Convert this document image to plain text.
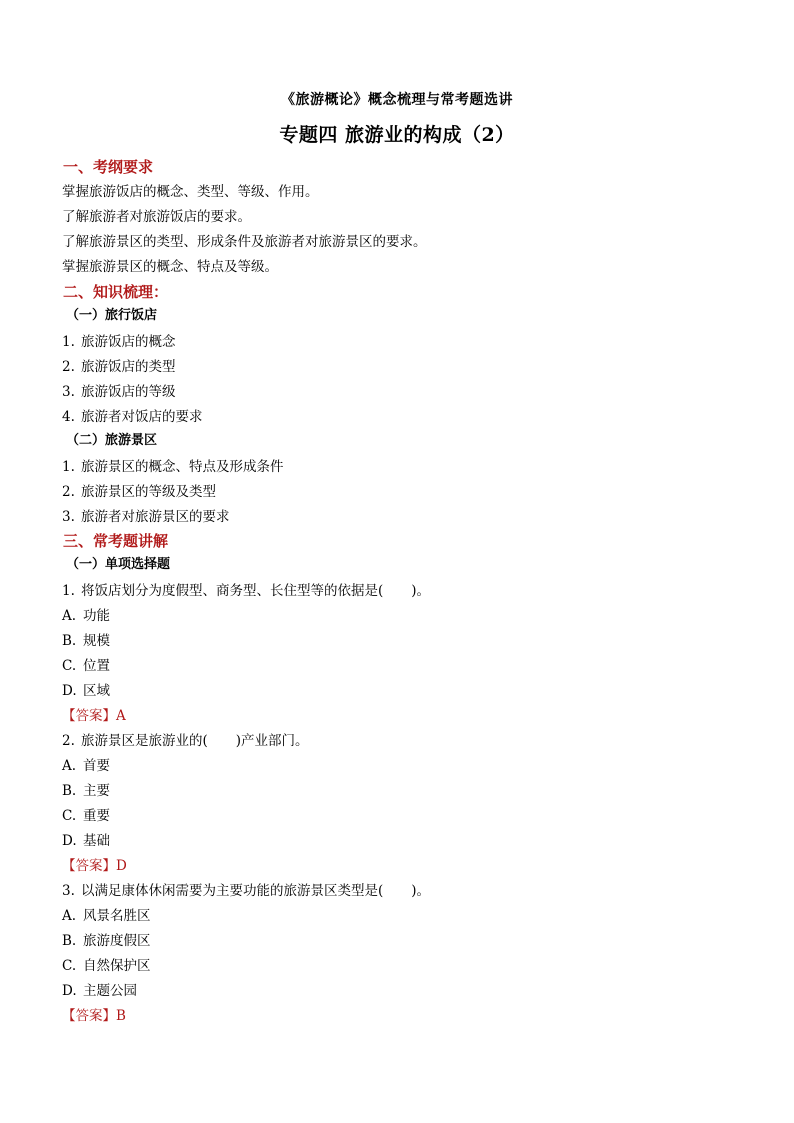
《旅游概论》概念梳理与常考题选讲
专题四 旅游业的构成（2）
一、考纲要求
掌握旅游饭店的概念、类型、等级、作用。
了解旅游者对旅游饭店的要求。
了解旅游景区的类型、形成条件及旅游者对旅游景区的要求。
掌握旅游景区的概念、特点及等级。
二、知识梳理：
（一）旅行饭店
1. 旅游饭店的概念
2. 旅游饭店的类型
3. 旅游饭店的等级
4. 旅游者对饭店的要求
（二）旅游景区
1. 旅游景区的概念、特点及形成条件
2. 旅游景区的等级及类型
3. 旅游者对旅游景区的要求
三、常考题讲解
（一）单项选择题
1. 将饭店划分为度假型、商务型、长住型等的依据是( )。
A. 功能
B. 规模
C. 位置
D. 区域
【答案】A
2. 旅游景区是旅游业的( )产业部门。
A. 首要
B. 主要
C. 重要
D. 基础
【答案】D
3. 以满足康体休闲需要为主要功能的旅游景区类型是( )。
A. 风景名胜区
B. 旅游度假区
C. 自然保护区
D. 主题公园
【答案】B
